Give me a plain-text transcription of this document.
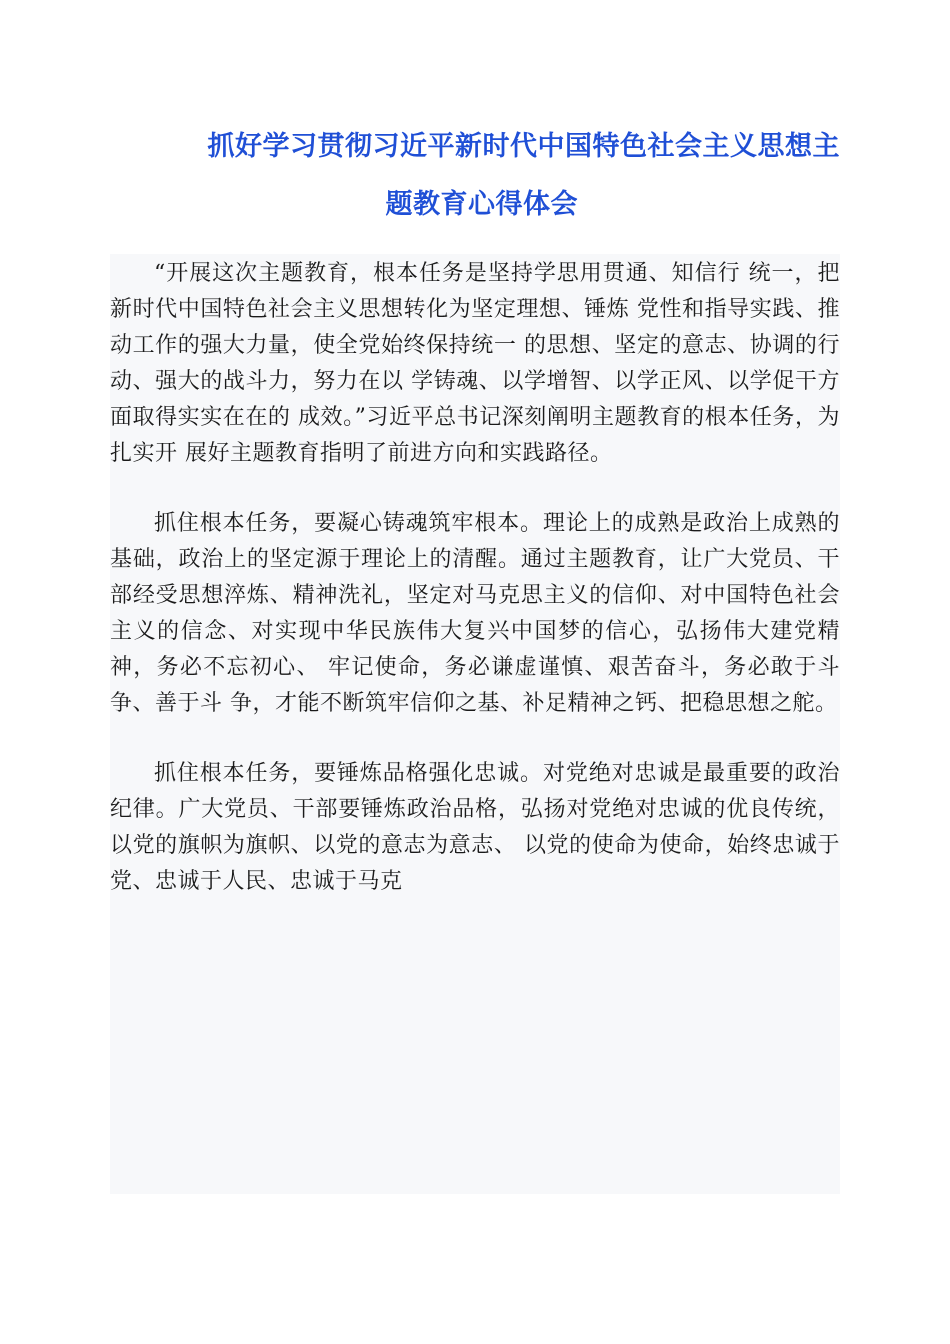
抓好学习贯彻习近平新时代中国特色社会主义思想主
题教育心得体会

“开展这次主题教育，根本任务是坚持学思用贯通、知信行 统一，把新时代中国特色社会主义思想转化为坚定理想、锤炼 党性和指导实践、推动工作的强大力量，使全党始终保持统一 的思想、坚定的意志、协调的行动、强大的战斗力，努力在以 学铸魂、以学增智、以学正风、以学促干方面取得实实在在的 成效。”习近平总书记深刻阐明主题教育的根本任务，为扎实开 展好主题教育指明了前进方向和实践路径。

抓住根本任务，要凝心铸魂筑牢根本。理论上的成熟是政治上成熟的基础，政治上的坚定源于理论上的清醒。通过主题教育，让广大党员、干部经受思想淬炼、精神洗礼，坚定对马克思主义的信仰、对中国特色社会主义的信念、对实现中华民族伟大复兴中国梦的信心，弘扬伟大建党精神，务必不忘初心、 牢记使命，务必谦虚谨慎、艰苦奋斗，务必敢于斗争、善于斗 争，才能不断筑牢信仰之基、补足精神之钙、把稳思想之舵。

抓住根本任务，要锤炼品格强化忠诚。对党绝对忠诚是最重要的政治纪律。广大党员、干部要锤炼政治品格，弘扬对党绝对忠诚的优良传统，以党的旗帜为旗帜、以党的意志为意志、 以党的使命为使命，始终忠诚于党、忠诚于人民、忠诚于马克
